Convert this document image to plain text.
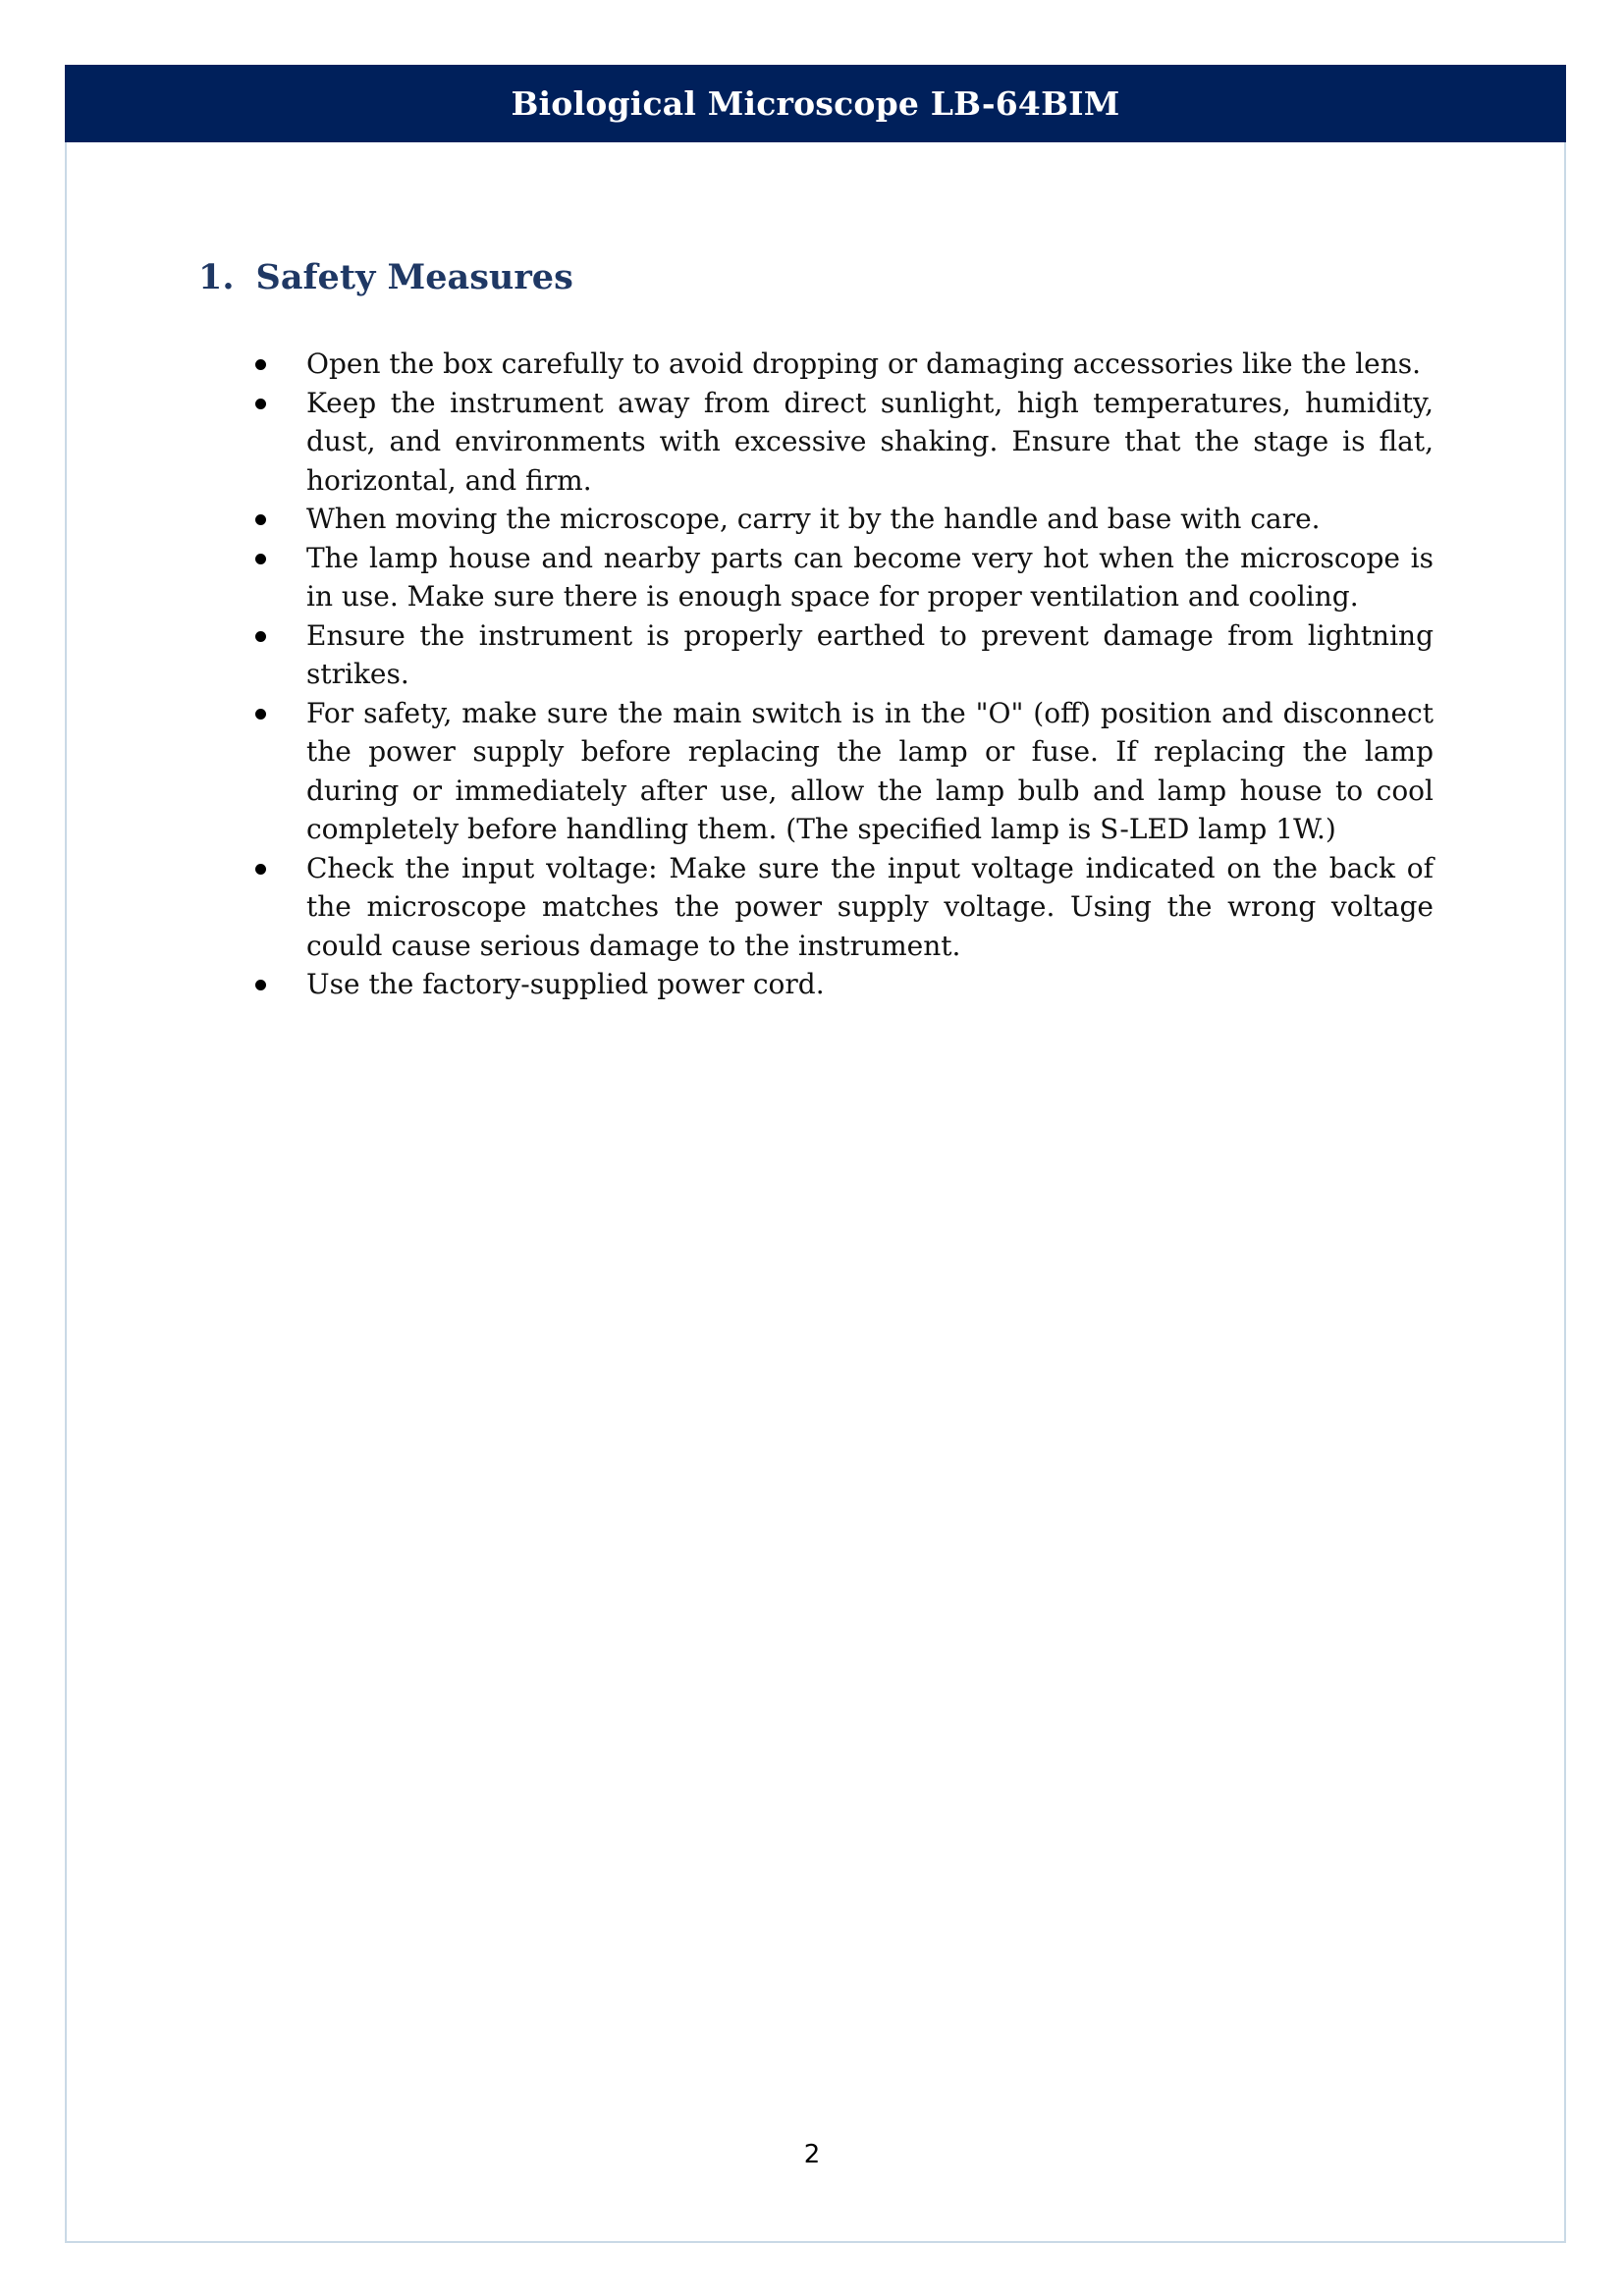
Biological Microscope LB-64BIM
1. Safety Measures
Open the box carefully to avoid dropping or damaging accessories like the lens.
Keep the instrument away from direct sunlight, high temperatures, humidity, dust, and environments with excessive shaking. Ensure that the stage is flat, horizontal, and firm.
When moving the microscope, carry it by the handle and base with care.
The lamp house and nearby parts can become very hot when the microscope is in use. Make sure there is enough space for proper ventilation and cooling.
Ensure the instrument is properly earthed to prevent damage from lightning strikes.
For safety, make sure the main switch is in the "O" (off) position and disconnect the power supply before replacing the lamp or fuse. If replacing the lamp during or immediately after use, allow the lamp bulb and lamp house to cool completely before handling them. (The specified lamp is S-LED lamp 1W.)
Check the input voltage: Make sure the input voltage indicated on the back of the microscope matches the power supply voltage. Using the wrong voltage could cause serious damage to the instrument.
Use the factory-supplied power cord.
2
